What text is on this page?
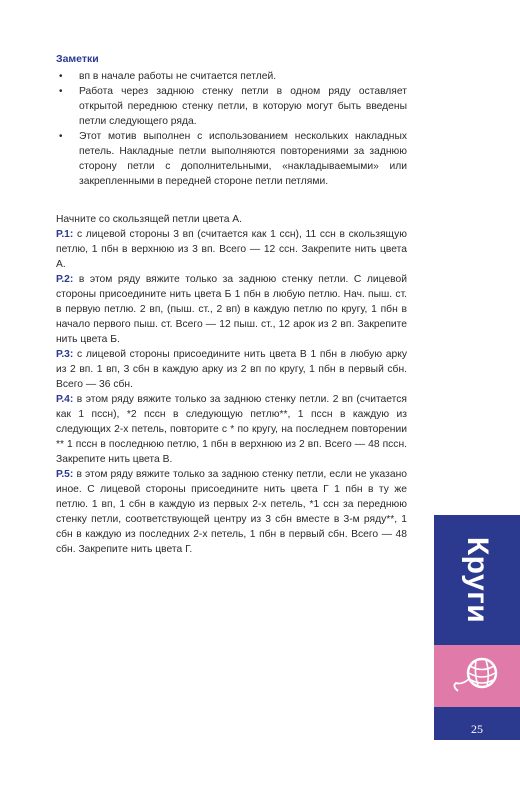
Заметки
• вп в начале работы не считается петлей.
• Работа через заднюю стенку петли в одном ряду оставляет открытой переднюю стенку петли, в которую могут быть введены петли следующего ряда.
• Этот мотив выполнен с использованием нескольких накладных петель. Накладные петли выполняются повторениями за заднюю сторону петли с дополнительными, «накладываемыми» или закрепленными в передней стороне петли петлями.
Начните со скользящей петли цвета А.
Р.1: с лицевой стороны 3 вп (считается как 1 ссн), 11 ссн в скользящую петлю, 1 пбн в верхнюю из 3 вп. Всего — 12 ссн. Закрепите нить цвета А.
Р.2: в этом ряду вяжите только за заднюю стенку петли. С лицевой стороны присоедините нить цвета Б 1 пбн в любую петлю. Нач. пыш. ст. в первую петлю. 2 вп, (пыш. ст., 2 вп) в каждую петлю по кругу, 1 пбн в начало первого пыш. ст. Всего — 12 пыш. ст., 12 арок из 2 вп. Закрепите нить цвета Б.
Р.3: с лицевой стороны присоедините нить цвета В 1 пбн в любую арку из 2 вп. 1 вп, 3 сбн в каждую арку из 2 вп по кругу, 1 пбн в первый сбн. Всего — 36 сбн.
Р.4: в этом ряду вяжите только за заднюю стенку петли. 2 вп (считается как 1 пссн), *2 пссн в следующую петлю**, 1 пссн в каждую из следующих 2-х петель, повторите с * по кругу, на последнем повторении ** 1 пссн в последнюю петлю, 1 пбн в верхнюю из 2 вп. Всего — 48 пссн. Закрепите нить цвета В.
Р.5: в этом ряду вяжите только за заднюю стенку петли, если не указано иное. С лицевой стороны присоедините нить цвета Г 1 пбн в ту же петлю. 1 вп, 1 сбн в каждую из первых 2-х петель, *1 ссн за переднюю стенку петли, соответствующей центру из 3 сбн вместе в 3-м ряду**, 1 сбн в каждую из последних 2-х петель, 1 пбн в первый сбн. Всего — 48 сбн. Закрепите нить цвета Г.	Круги
25
PassionForum.ru
